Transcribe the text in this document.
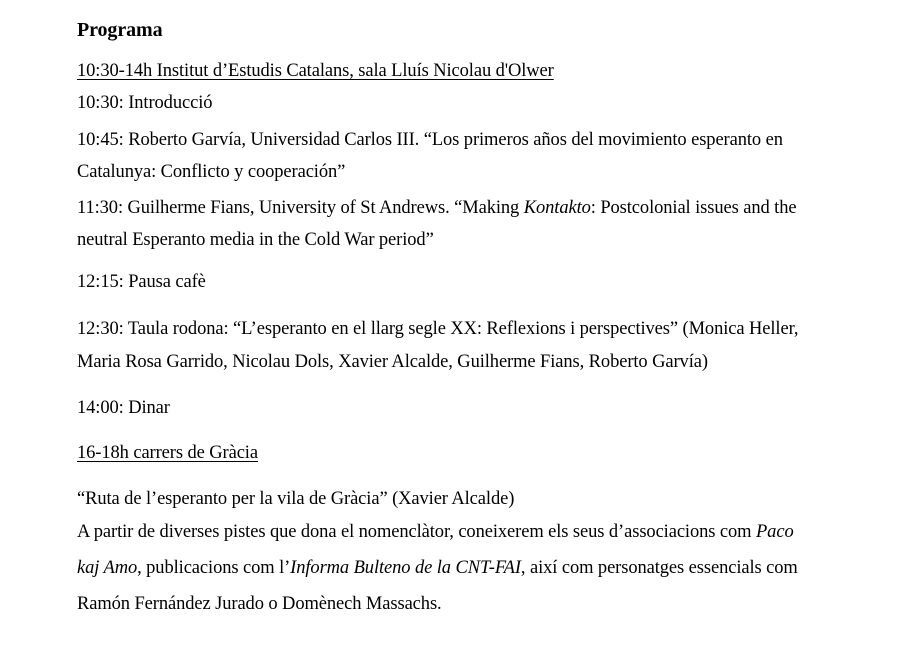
Programa
10:30-14h Institut d’Estudis Catalans, sala Lluís Nicolau d'Olwer
10:30: Introducció
10:45: Roberto Garvía, Universidad Carlos III. “Los primeros años del movimiento esperanto en
Catalunya: Conflicto y cooperación”
11:30: Guilherme Fians, University of St Andrews. “Making Kontakto: Postcolonial issues and the
neutral Esperanto media in the Cold War period”
12:15: Pausa cafè
12:30: Taula rodona: “L’esperanto en el llarg segle XX: Reflexions i perspectives” (Monica Heller,
Maria Rosa Garrido, Nicolau Dols, Xavier Alcalde, Guilherme Fians, Roberto Garvía)
14:00: Dinar
16-18h carrers de Gràcia
“Ruta de l’esperanto per la vila de Gràcia” (Xavier Alcalde)
A partir de diverses pistes que dona el nomenclàtor, coneixerem els seus d’associacions com Paco
kaj Amo, publicacions com l’Informa Bulteno de la CNT-FAI, així com personatges essencials com
Ramón Fernández Jurado o Domènech Massachs.
